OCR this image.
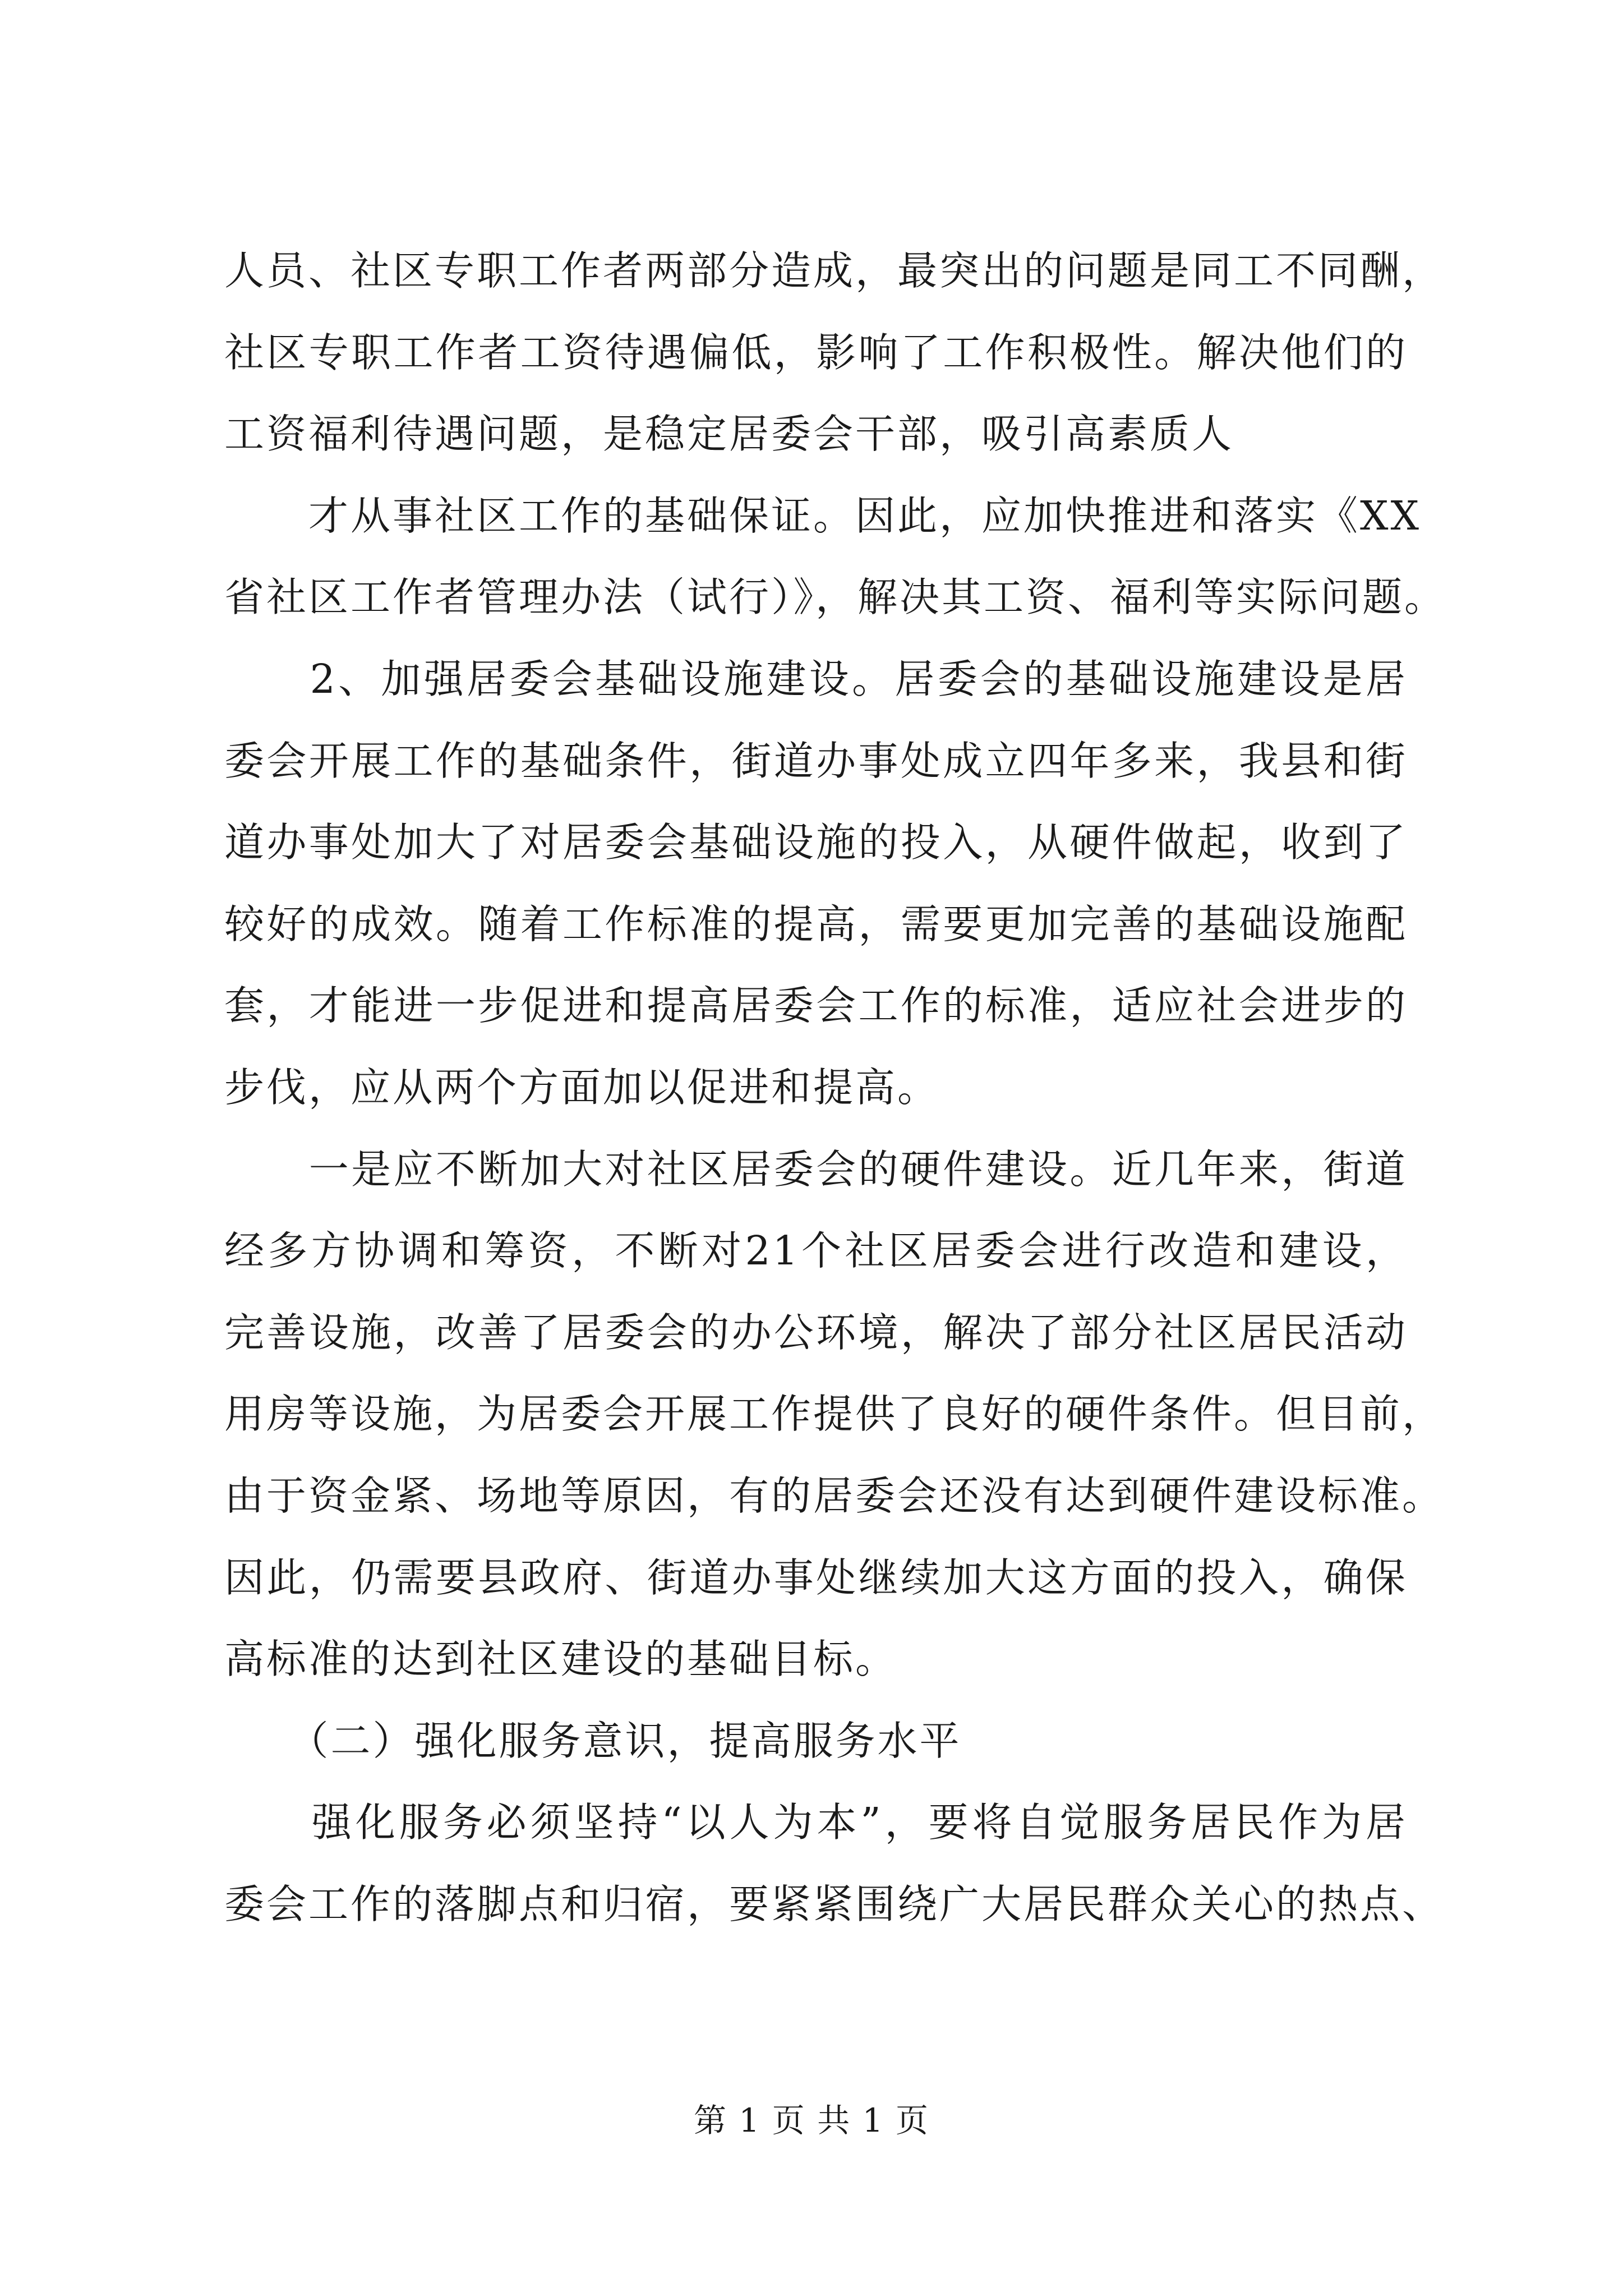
人员、社区专职工作者两部分造成，最突出的问题是同工不同酬，
社区专职工作者工资待遇偏低，影响了工作积极性。解决他们的
工资福利待遇问题，是稳定居委会干部，吸引高素质人
　　才从事社区工作的基础保证。因此，应加快推进和落实《XX
省社区工作者管理办法（试行）》，解决其工资、福利等实际问题。
　　2、加强居委会基础设施建设。居委会的基础设施建设是居
委会开展工作的基础条件，街道办事处成立四年多来，我县和街
道办事处加大了对居委会基础设施的投入，从硬件做起，收到了
较好的成效。随着工作标准的提高，需要更加完善的基础设施配
套，才能进一步促进和提高居委会工作的标准，适应社会进步的
步伐，应从两个方面加以促进和提高。
　　一是应不断加大对社区居委会的硬件建设。近几年来，街道
经多方协调和筹资，不断对21个社区居委会进行改造和建设，
完善设施，改善了居委会的办公环境，解决了部分社区居民活动
用房等设施，为居委会开展工作提供了良好的硬件条件。但目前，
由于资金紧、场地等原因，有的居委会还没有达到硬件建设标准。
因此，仍需要县政府、街道办事处继续加大这方面的投入，确保
高标准的达到社区建设的基础目标。
　　（二）强化服务意识，提高服务水平
　　强化服务必须坚持“以人为本”，要将自觉服务居民作为居
委会工作的落脚点和归宿，要紧紧围绕广大居民群众关心的热点、
第 1 页 共 1 页
